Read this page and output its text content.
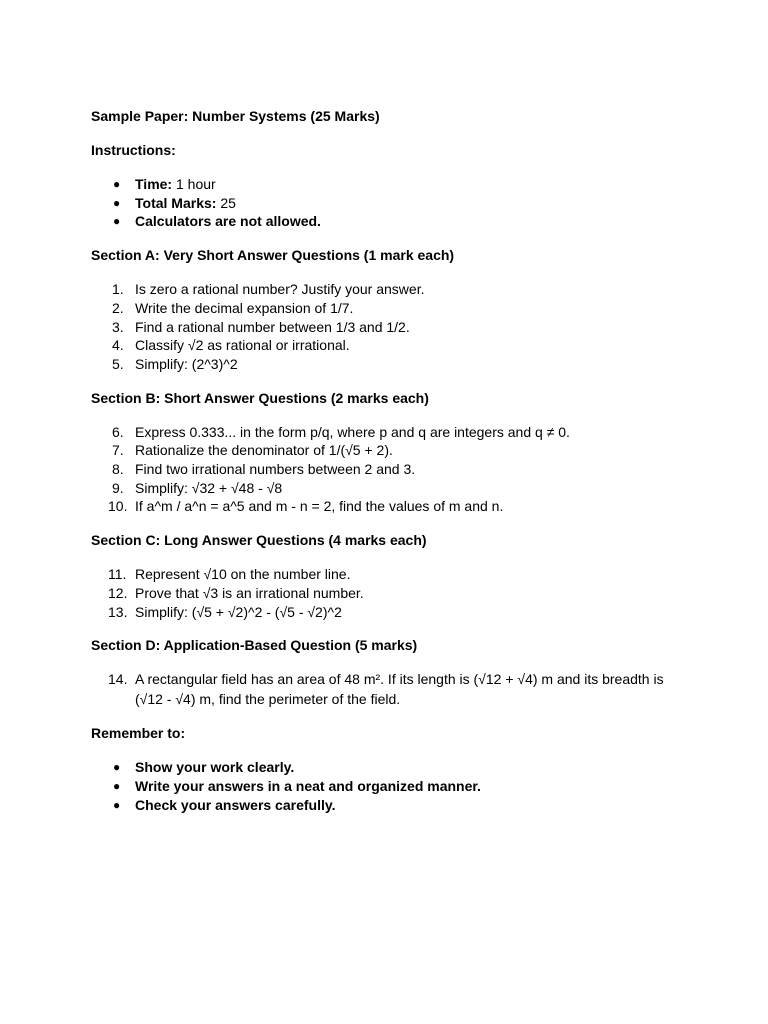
Sample Paper: Number Systems (25 Marks)

Instructions:

● Time: 1 hour
● Total Marks: 25
● Calculators are not allowed.

Section A: Very Short Answer Questions (1 mark each)

1. Is zero a rational number? Justify your answer.
2. Write the decimal expansion of 1/7.
3. Find a rational number between 1/3 and 1/2.
4. Classify √2 as rational or irrational.
5. Simplify: (2^3)^2

Section B: Short Answer Questions (2 marks each)

6. Express 0.333... in the form p/q, where p and q are integers and q ≠ 0.
7. Rationalize the denominator of 1/(√5 + 2).
8. Find two irrational numbers between 2 and 3.
9. Simplify: √32 + √48 - √8
10. If a^m / a^n = a^5 and m - n = 2, find the values of m and n.

Section C: Long Answer Questions (4 marks each)

11. Represent √10 on the number line.
12. Prove that √3 is an irrational number.
13. Simplify: (√5 + √2)^2 - (√5 - √2)^2

Section D: Application-Based Question (5 marks)

14. A rectangular field has an area of 48 m². If its length is (√12 + √4) m and its breadth is (√12 - √4) m, find the perimeter of the field.

Remember to:

● Show your work clearly.
● Write your answers in a neat and organized manner.
● Check your answers carefully.
